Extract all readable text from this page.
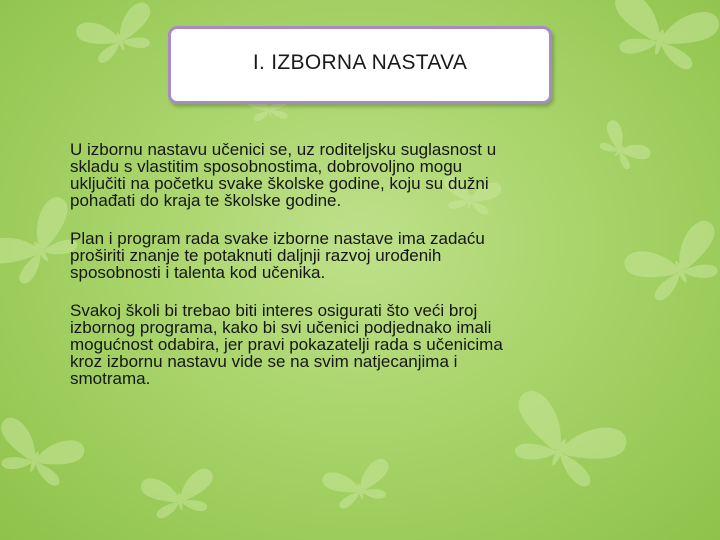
I. IZBORNA NASTAVA

U izbornu nastavu učenici se, uz roditeljsku suglasnost u
skladu s vlastitim sposobnostima, dobrovoljno mogu
uključiti na početku svake školske godine, koju su dužni
pohađati do kraja te školske godine.

Plan i program rada svake izborne nastave ima zadaću
proširiti znanje te potaknuti daljnji razvoj urođenih
sposobnosti i talenta kod učenika.

Svakoj školi bi trebao biti interes osigurati što veći broj
izbornog programa, kako bi svi učenici podjednako imali
mogućnost odabira, jer pravi pokazatelji rada s učenicima
kroz izbornu nastavu vide se na svim natjecanjima i
smotrama.
